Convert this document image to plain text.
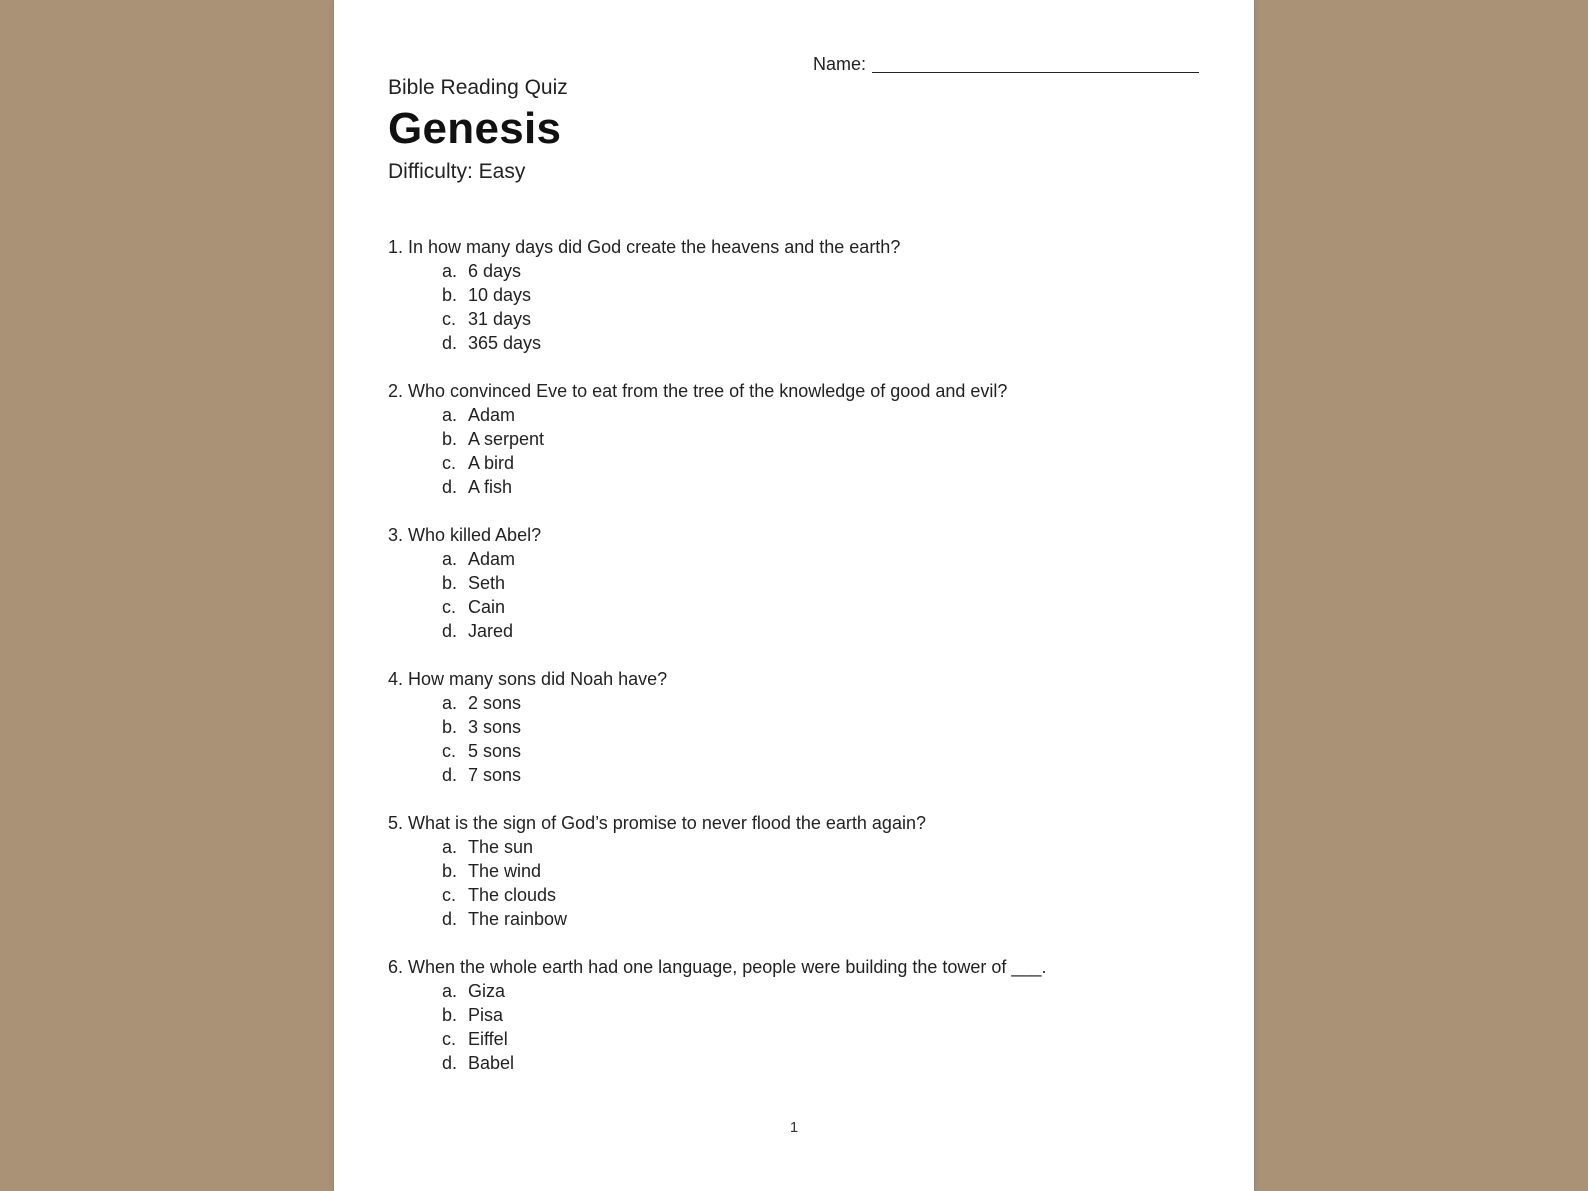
Name:
Bible Reading Quiz
Genesis
Difficulty: Easy
1. In how many days did God create the heavens and the earth?
a. 6 days
b. 10 days
c. 31 days
d. 365 days
2. Who convinced Eve to eat from the tree of the knowledge of good and evil?
a. Adam
b. A serpent
c. A bird
d. A fish
3. Who killed Abel?
a. Adam
b. Seth
c. Cain
d. Jared
4. How many sons did Noah have?
a. 2 sons
b. 3 sons
c. 5 sons
d. 7 sons
5. What is the sign of God’s promise to never flood the earth again?
a. The sun
b. The wind
c. The clouds
d. The rainbow
6. When the whole earth had one language, people were building the tower of ___.
a. Giza
b. Pisa
c. Eiffel
d. Babel
1
